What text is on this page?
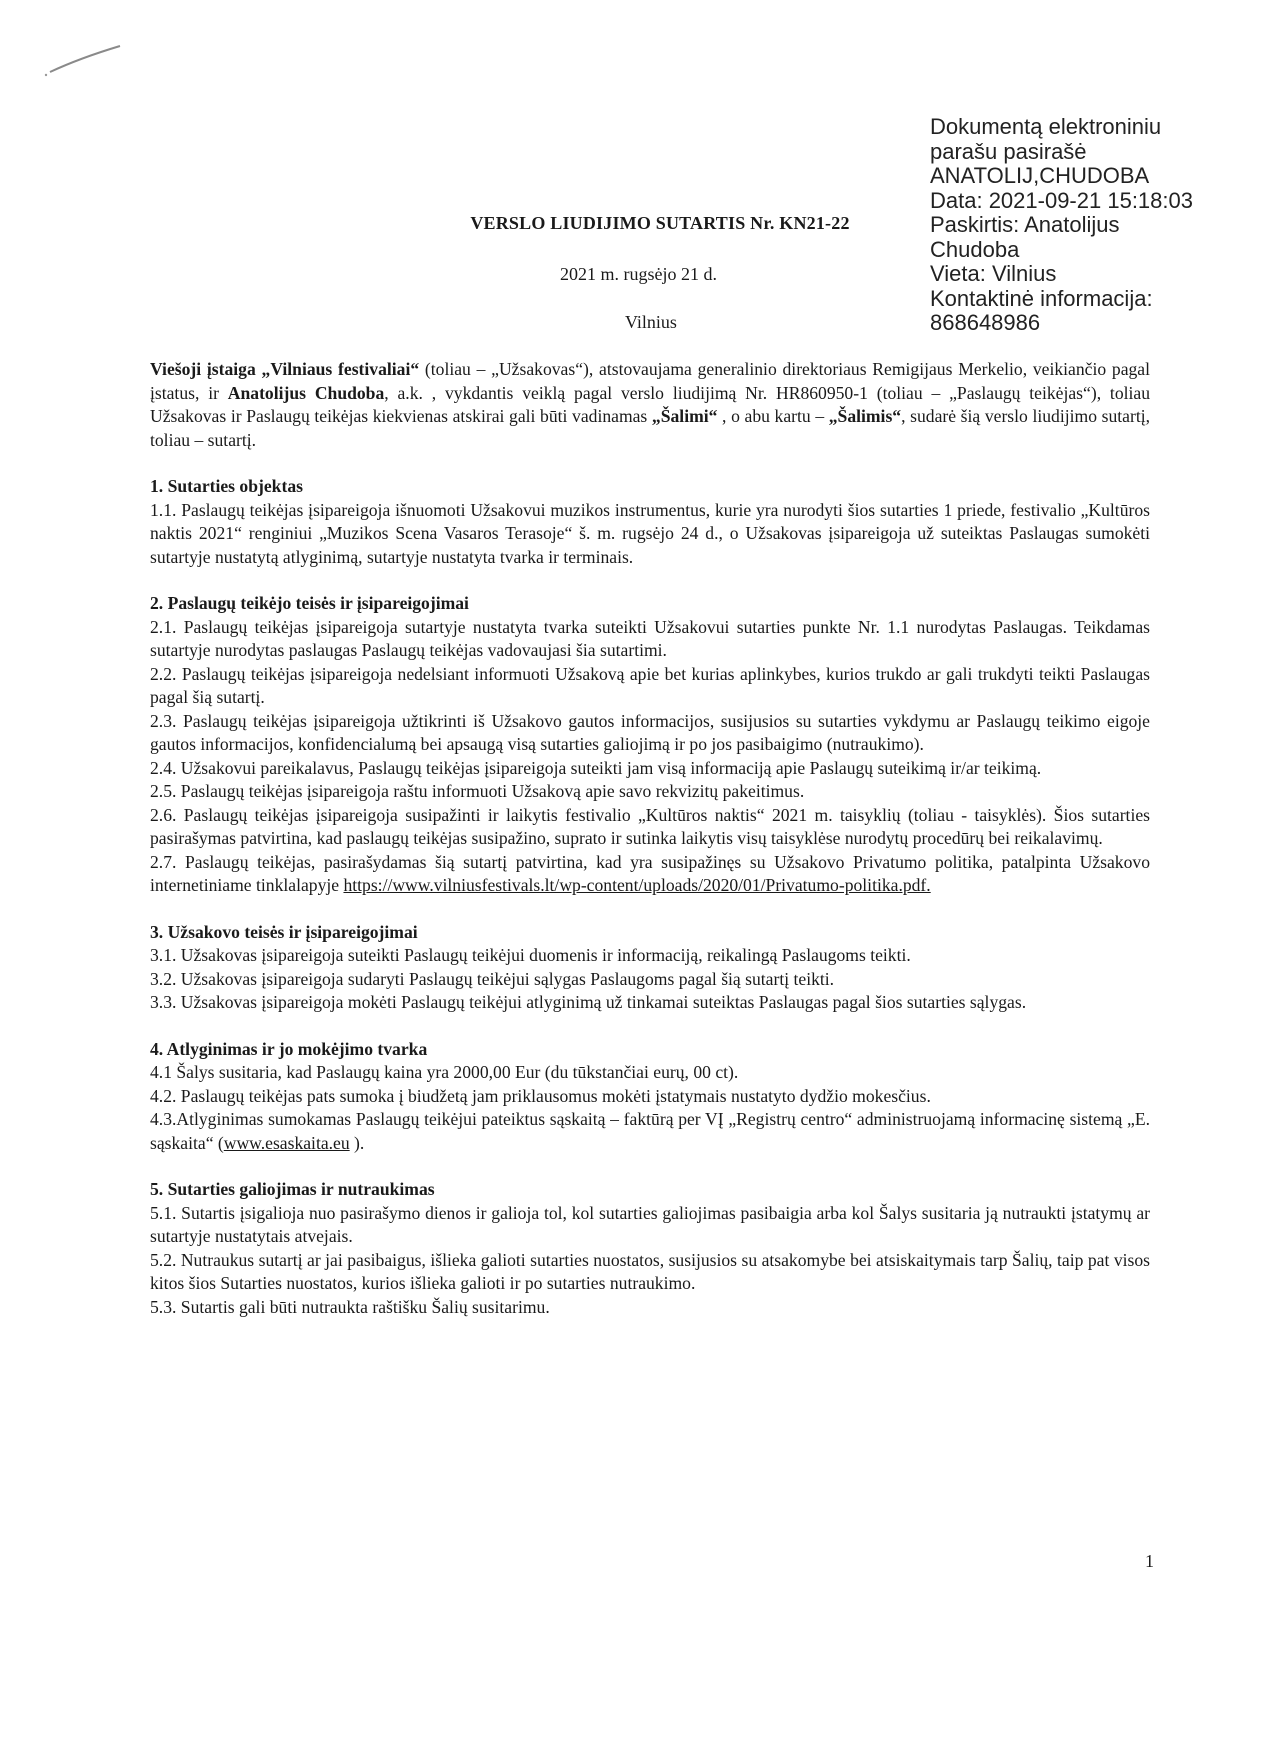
Dokumentą elektroniniu
parašu pasirašė
ANATOLIJ,CHUDOBA
Data: 2021-09-21 15:18:03
Paskirtis: Anatolijus
Chudoba
Vieta: Vilnius
Kontaktinė informacija:
868648986
VERSLO LIUDIJIMO SUTARTIS Nr. KN21-22
2021 m. rugsėjo 21 d.
Vilnius

Viešoji įstaiga „Vilniaus festivaliai“ (toliau – „Užsakovas“), atstovaujama generalinio direktoriaus Remigijaus Merkelio, veikiančio pagal įstatus, ir Anatolijus Chudoba, a.k. , vykdantis veiklą pagal verslo liudijimą Nr. HR860950-1 (toliau – „Paslaugų teikėjas“), toliau Užsakovas ir Paslaugų teikėjas kiekvienas atskirai gali būti vadinamas „Šalimi“ , o abu kartu – „Šalimis“, sudarė šią verslo liudijimo sutartį, toliau – sutartį.

1. Sutarties objektas

1.1. Paslaugų teikėjas įsipareigoja išnuomoti Užsakovui muzikos instrumentus, kurie yra nurodyti šios sutarties 1 priede, festivalio „Kultūros naktis 2021“ renginiui „Muzikos Scena Vasaros Terasoje“ š. m. rugsėjo 24 d., o Užsakovas įsipareigoja už suteiktas Paslaugas sumokėti sutartyje nustatytą atlyginimą, sutartyje nustatyta tvarka ir terminais.

2. Paslaugų teikėjo teisės ir įsipareigojimai

2.1. Paslaugų teikėjas įsipareigoja sutartyje nustatyta tvarka suteikti Užsakovui sutarties punkte Nr. 1.1 nurodytas Paslaugas. Teikdamas sutartyje nurodytas paslaugas Paslaugų teikėjas vadovaujasi šia sutartimi.

2.2. Paslaugų teikėjas įsipareigoja nedelsiant informuoti Užsakovą apie bet kurias aplinkybes, kurios trukdo ar gali trukdyti teikti Paslaugas pagal šią sutartį.

2.3. Paslaugų teikėjas įsipareigoja užtikrinti iš Užsakovo gautos informacijos, susijusios su sutarties vykdymu ar Paslaugų teikimo eigoje gautos informacijos, konfidencialumą bei apsaugą visą sutarties galiojimą ir po jos pasibaigimo (nutraukimo).

2.4. Užsakovui pareikalavus, Paslaugų teikėjas įsipareigoja suteikti jam visą informaciją apie Paslaugų suteikimą ir/ar teikimą.

2.5. Paslaugų teikėjas įsipareigoja raštu informuoti Užsakovą apie savo rekvizitų pakeitimus.

2.6. Paslaugų teikėjas įsipareigoja susipažinti ir laikytis festivalio „Kultūros naktis“ 2021 m. taisyklių (toliau - taisyklės). Šios sutarties pasirašymas patvirtina, kad paslaugų teikėjas susipažino, suprato ir sutinka laikytis visų taisyklėse nurodytų procedūrų bei reikalavimų.

2.7. Paslaugų teikėjas, pasirašydamas šią sutartį patvirtina, kad yra susipažinęs su Užsakovo Privatumo politika, patalpinta Užsakovo internetiniame tinklalapyje https://www.vilniusfestivals.lt/wp-content/uploads/2020/01/Privatumo-politika.pdf.

3. Užsakovo teisės ir įsipareigojimai

3.1. Užsakovas įsipareigoja suteikti Paslaugų teikėjui duomenis ir informaciją, reikalingą Paslaugoms teikti.

3.2. Užsakovas įsipareigoja sudaryti Paslaugų teikėjui sąlygas Paslaugoms pagal šią sutartį teikti.

3.3. Užsakovas įsipareigoja mokėti Paslaugų teikėjui atlyginimą už tinkamai suteiktas Paslaugas pagal šios sutarties sąlygas.

4. Atlyginimas ir jo mokėjimo tvarka

4.1 Šalys susitaria, kad Paslaugų kaina yra 2000,00 Eur (du tūkstančiai eurų, 00 ct).

4.2. Paslaugų teikėjas pats sumoka į biudžetą jam priklausomus mokėti įstatymais nustatyto dydžio mokesčius.

4.3.Atlyginimas sumokamas Paslaugų teikėjui pateiktus sąskaitą – faktūrą per VĮ „Registrų centro“ administruojamą informacinę sistemą „E. sąskaita“ (www.esaskaita.eu ).

5. Sutarties galiojimas ir nutraukimas

5.1. Sutartis įsigalioja nuo pasirašymo dienos ir galioja tol, kol sutarties galiojimas pasibaigia arba kol Šalys susitaria ją nutraukti įstatymų ar sutartyje nustatytais atvejais.

5.2. Nutraukus sutartį ar jai pasibaigus, išlieka galioti sutarties nuostatos, susijusios su atsakomybe bei atsiskaitymais tarp Šalių, taip pat visos kitos šios Sutarties nuostatos, kurios išlieka galioti ir po sutarties nutraukimo.

5.3. Sutartis gali būti nutraukta raštišku Šalių susitarimu.

1
